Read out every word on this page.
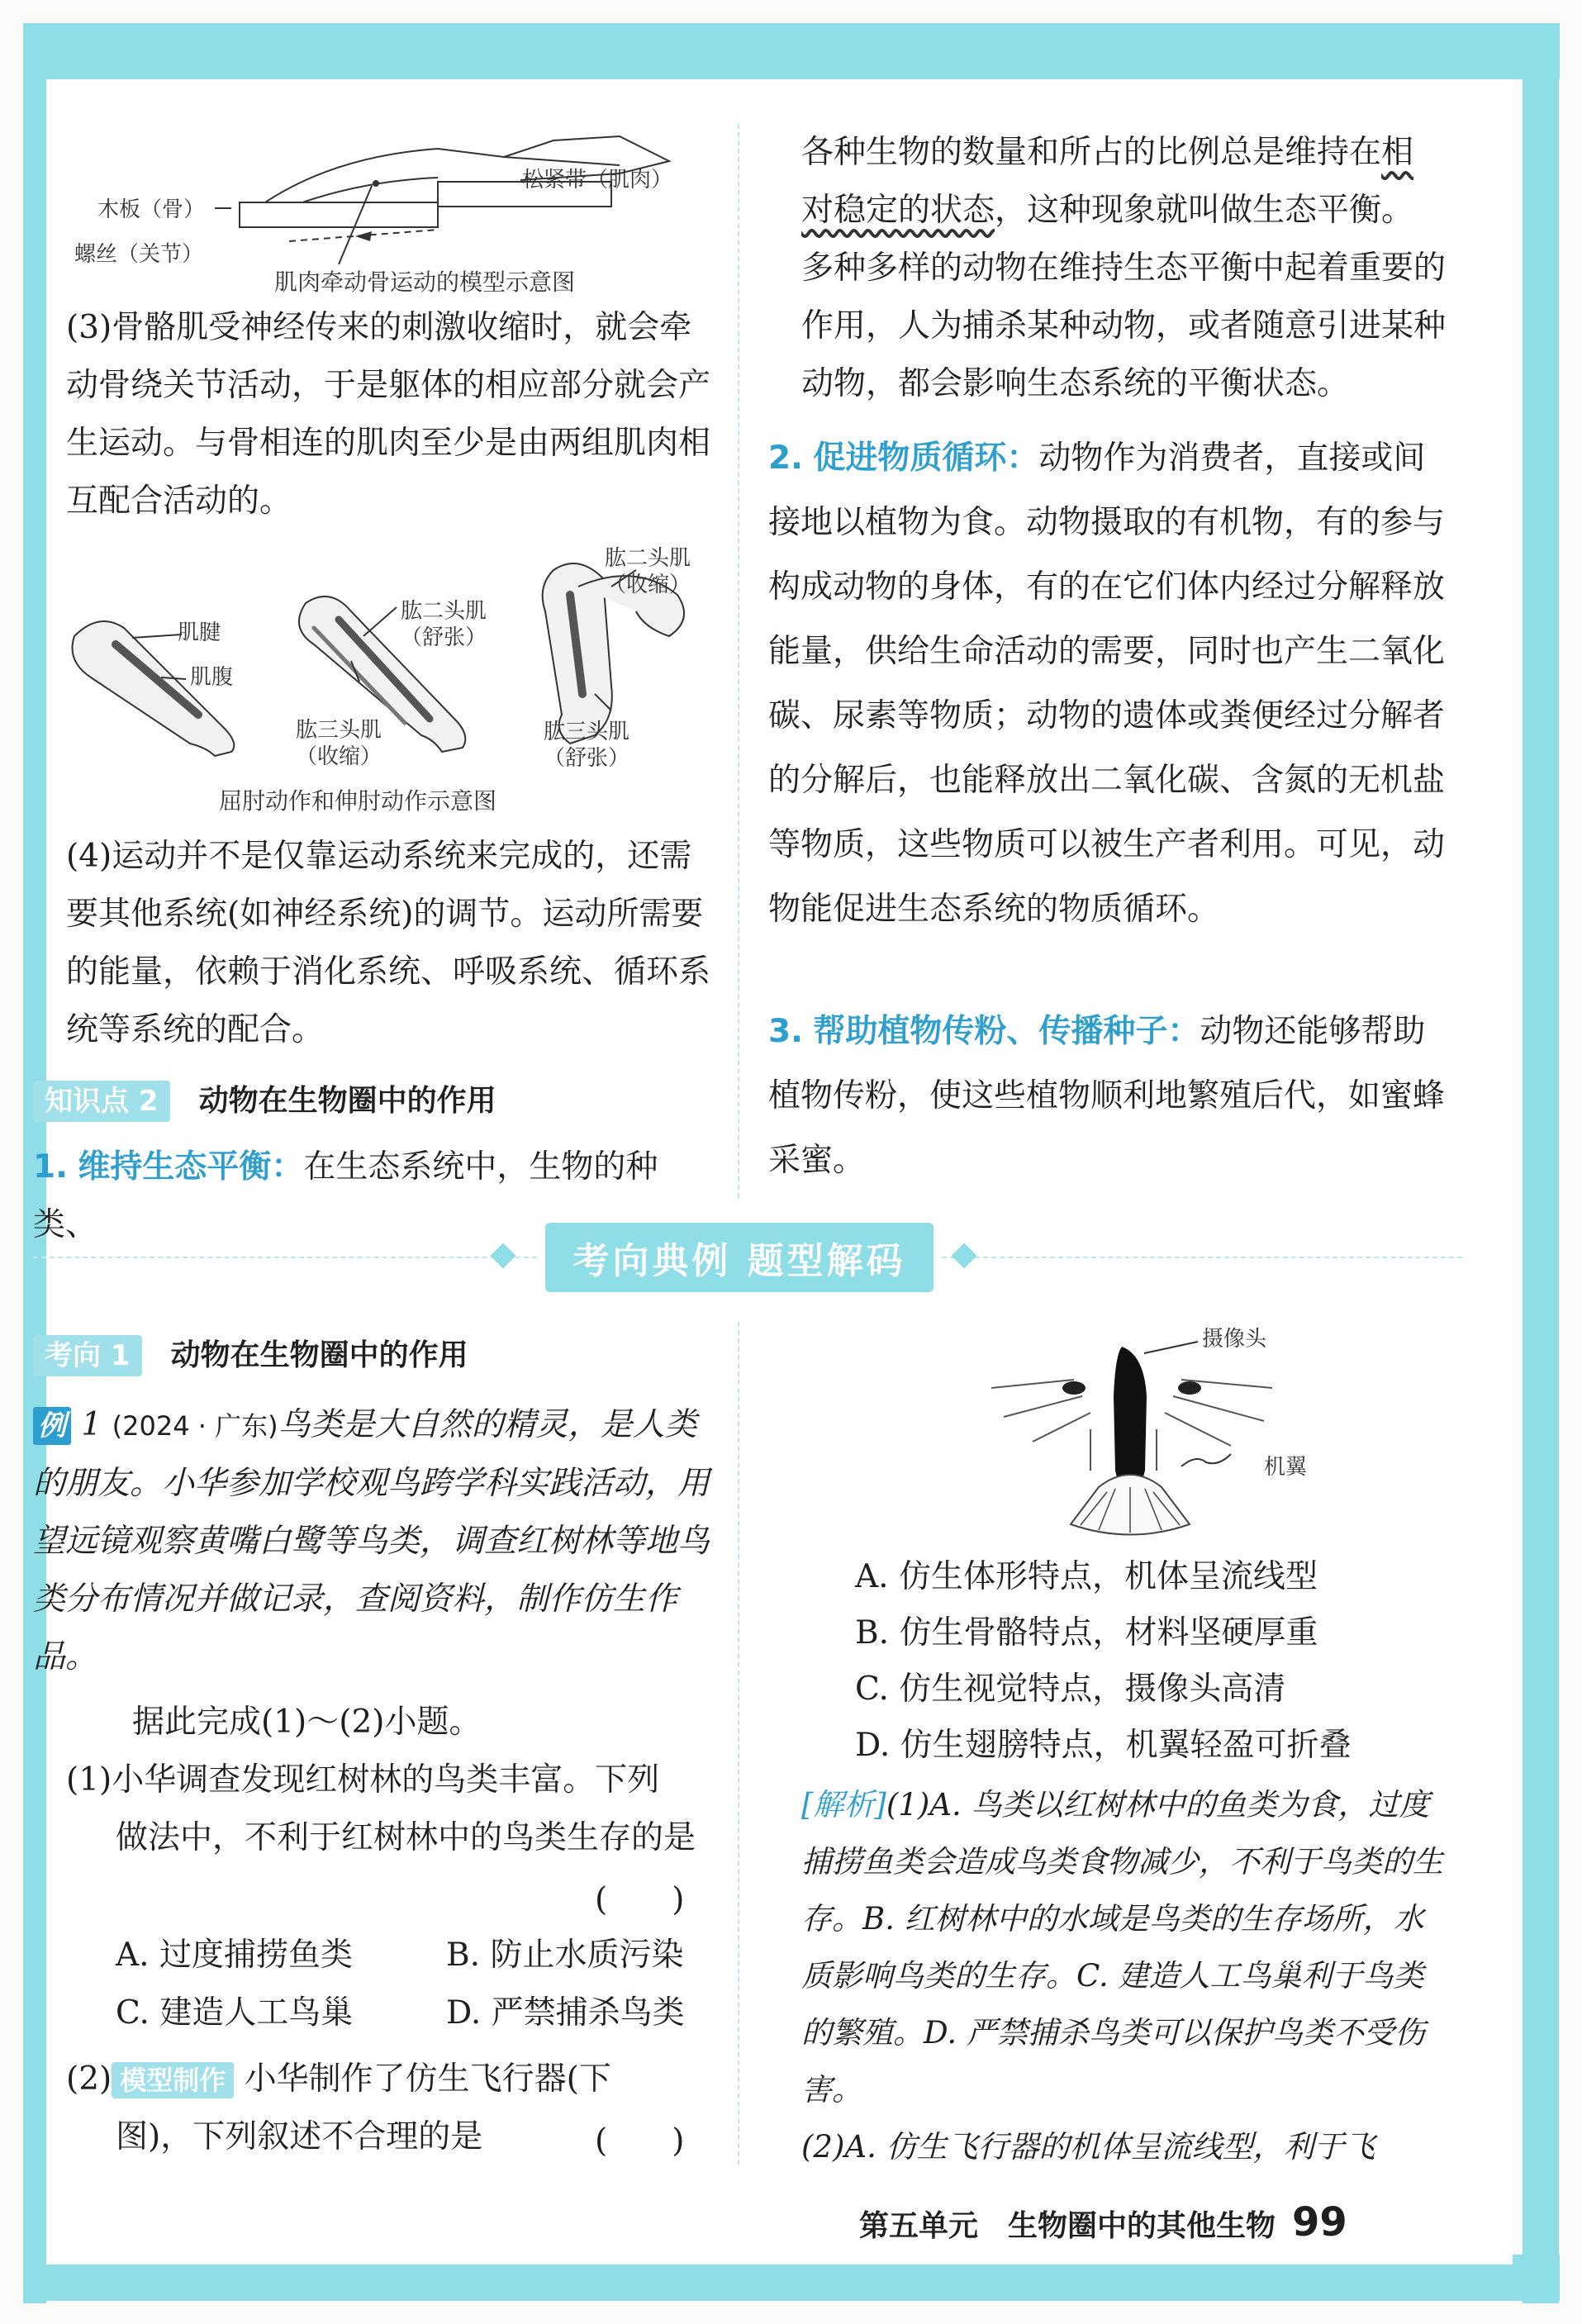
木板（骨）
螺丝（关节）
松紧带（肌肉）
肌肉牵动骨运动的模型示意图

(3)骨骼肌受神经传来的刺激收缩时，就会牵动骨绕关节活动，于是躯体的相应部分就会产生运动。与骨相连的肌肉至少是由两组肌肉相互配合活动的。

肌腱
肌腹
肱二头肌
（舒张）
肱三头肌
（收缩）
肱二头肌
（收缩）
肱三头肌
（舒张）
屈肘动作和伸肘动作示意图

(4)运动并不是仅靠运动系统来完成的，还需要其他系统(如神经系统)的调节。运动所需要的能量，依赖于消化系统、呼吸系统、循环系统等系统的配合。

知识点 2 动物在生物圈中的作用
1. 维持生态平衡：在生态系统中，生物的种类、

各种生物的数量和所占的比例总是维持在相对稳定的状态，这种现象就叫做生态平衡。多种多样的动物在维持生态平衡中起着重要的作用，人为捕杀某种动物，或者随意引进某种动物，都会影响生态系统的平衡状态。

2. 促进物质循环：动物作为消费者，直接或间接地以植物为食。动物摄取的有机物，有的参与构成动物的身体，有的在它们体内经过分解释放能量，供给生命活动的需要，同时也产生二氧化碳、尿素等物质；动物的遗体或粪便经过分解者的分解后，也能释放出二氧化碳、含氮的无机盐等物质，这些物质可以被生产者利用。可见，动物能促进生态系统的物质循环。

3. 帮助植物传粉、传播种子：动物还能够帮助植物传粉，使这些植物顺利地繁殖后代，如蜜蜂采蜜。

考向典例 题型解码
考向 1 动物在生物圈中的作用

例 1 (2024 · 广东)鸟类是大自然的精灵，是人类的朋友。小华参加学校观鸟跨学科实践活动，用望远镜观察黄嘴白鹭等鸟类，调查红树林等地鸟类分布情况并做记录，查阅资料，制作仿生作品。

据此完成(1)～(2)小题。
(1)小华调查发现红树林的鸟类丰富。下列
做法中，不利于红树林中的鸟类生存的是
(　　)
A. 过度捕捞鱼类	B. 防止水质污染
C. 建造人工鸟巢	D. 严禁捕杀鸟类
(2) 模型制作 小华制作了仿生飞行器(下
图)，下列叙述不合理的是	(　　)
摄像头
机翼
A. 仿生体形特点，机体呈流线型
B. 仿生骨骼特点，材料坚硬厚重
C. 仿生视觉特点，摄像头高清
D. 仿生翅膀特点，机翼轻盈可折叠

[解析](1)A. 鸟类以红树林中的鱼类为食，过度捕捞鱼类会造成鸟类食物减少，不利于鸟类的生存。B. 红树林中的水域是鸟类的生存场所，水质影响鸟类的生存。C. 建造人工鸟巢利于鸟类的繁殖。D. 严禁捕杀鸟类可以保护鸟类不受伤害。

(2)A. 仿生飞行器的机体呈流线型，利于飞

第五单元　生物圈中的其他生物 99
